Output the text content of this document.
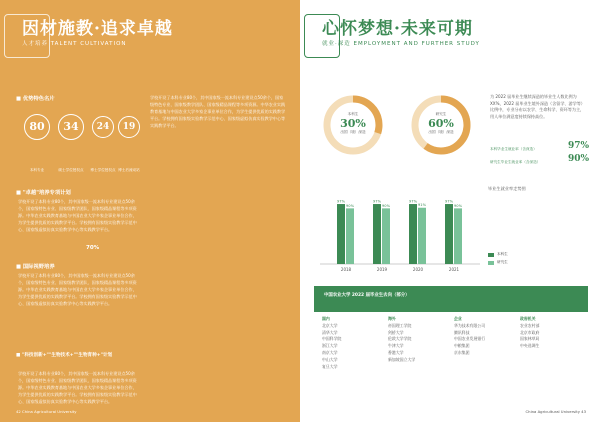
因材施教·追求卓越
人才培养 TALENT CULTIVATION
■ 优势特色名片
80	34	24	19
本科专业	硕士学位授权点	博士学位授权点 博士后流动站
■ "卓越"培养专项计划
学校开设了本科专业80个，其中国家级一流本科专业建设点50余个，国家级特色专业、国家级教学团队、国家级精品课程等多项资源。中华农业实践教育基地与中国农业大学多家企事业单位合作，为学生提供优质的实践教学平台。学校拥有国家级实验教学示范中心、国家级虚拟仿真实验教学中心等实践教学平台。
70%
■ 国际视野培养
学校开设了本科专业80个，其中国家级一流本科专业建设点50余个，国家级特色专业、国家级教学团队、国家级精品课程等多项资源。中华农业实践教育基地与中国农业大学多家企事业单位合作，为学生提供优质的实践教学平台。学校拥有国家级实验教学示范中心、国家级虚拟仿真实验教学中心等实践教学平台。
■ "科技创新+""生物技术+""生物育种+"计划
学校开设了本科专业80个，其中国家级一流本科专业建设点50余个，国家级特色专业、国家级教学团队、国家级精品课程等多项资源。中华农业实践教育基地与中国农业大学多家企事业单位合作，为学生提供优质的实践教学平台。学校拥有国家级实验教学示范中心、国家级虚拟仿真实验教学中心等实践教学平台。
学校开设了本科专业80个，其中国家级一流本科专业建设点50余个，国家级特色专业、国家级教学团队、国家级精品课程等多项资源。中华农业实践教育基地与中国农业大学多家企事业单位合作，为学生提供优质的实践教学平台。学校拥有国家级实验教学示范中心、国家级虚拟仿真实验教学中心等实践教学平台。
42 China Agricultural University
心怀梦想·未来可期
就业·深造 EMPLOYMENT AND FURTHER STUDY
本科生
30%
出国（境）深造
研究生
60%
出国（境）深造
为 2022 届毕业生继续深造的毕业生人数比例为 XX%，2022 届毕业生境外深造（含留学、游学等）比例中，专业分布以农学、生命科学、资环等为主，用人单位满意度持续保持高位。
本科毕业生就业率（含深造）	97%
研究生毕业生就业率（含深造）	90%
毕业生就业率走势图
97%
90%
2018
97%
90%
2019
97%
91%
2020
97%
90%
2021
本科生
研究生
中国农业大学 2022 届毕业生去向（部分）
国内
北京大学
清华大学
中国科学院
浙江大学
南京大学
中山大学
复旦大学
海外
帝国理工学院
剑桥大学
伦敦大学学院
牛津大学
香港大学
新加坡国立大学
企业
华为技术有限公司
腾讯科技
中国农业发展银行
中粮集团
京东集团
政府机关
农业农村部
北京市政府
国家林草局
中央选调生
China Agricultural University 43
